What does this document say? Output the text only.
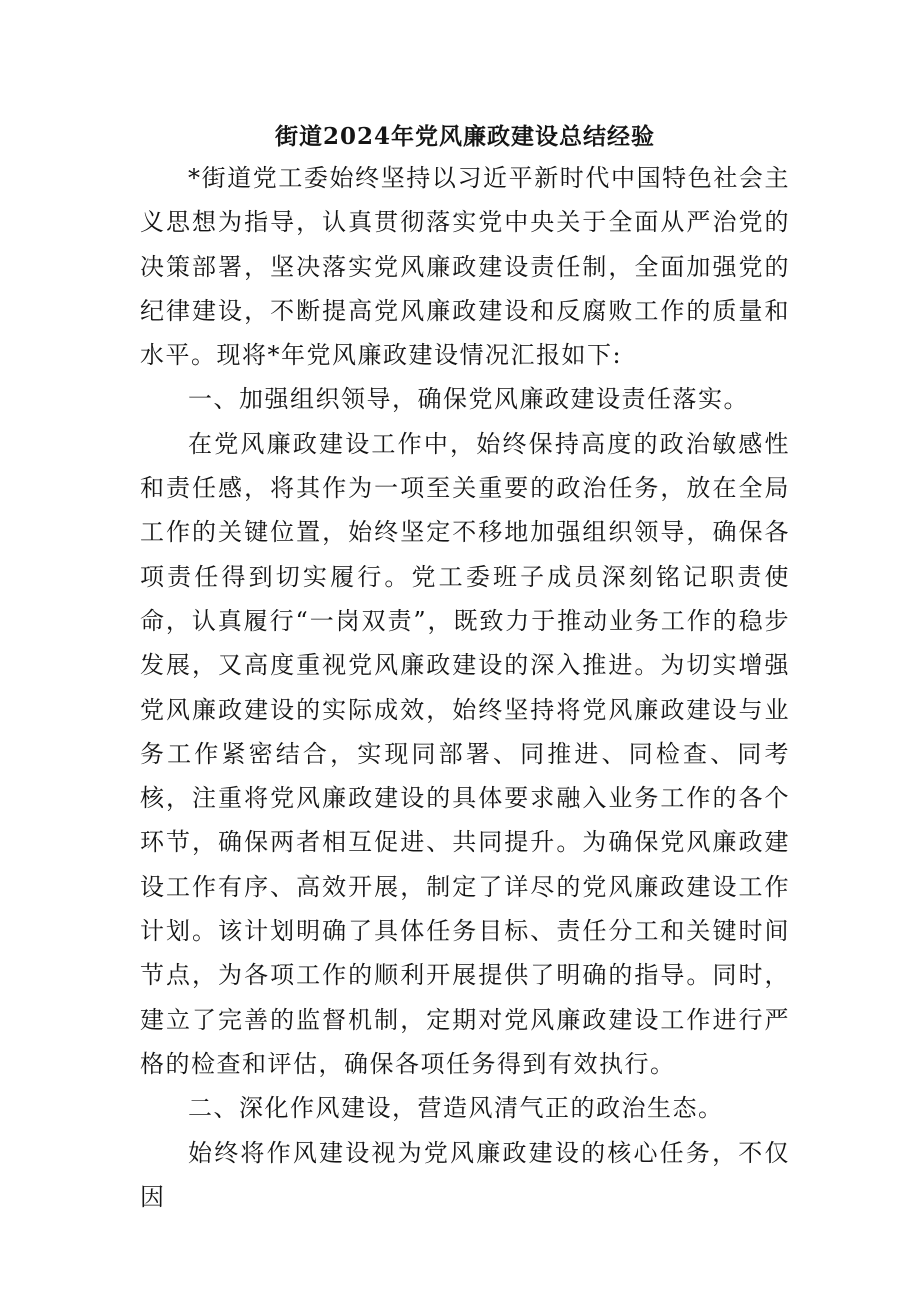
街道2024年党风廉政建设总结经验

*街道党工委始终坚持以习近平新时代中国特色社会主义思想为指导，认真贯彻落实党中央关于全面从严治党的决策部署，坚决落实党风廉政建设责任制，全面加强党的纪律建设，不断提高党风廉政建设和反腐败工作的质量和水平。现将*年党风廉政建设情况汇报如下:

一、加强组织领导，确保党风廉政建设责任落实。

在党风廉政建设工作中，始终保持高度的政治敏感性和责任感，将其作为一项至关重要的政治任务，放在全局工作的关键位置，始终坚定不移地加强组织领导，确保各项责任得到切实履行。党工委班子成员深刻铭记职责使命，认真履行“一岗双责”，既致力于推动业务工作的稳步发展，又高度重视党风廉政建设的深入推进。为切实增强党风廉政建设的实际成效，始终坚持将党风廉政建设与业务工作紧密结合，实现同部署、同推进、同检查、同考核，注重将党风廉政建设的具体要求融入业务工作的各个环节，确保两者相互促进、共同提升。为确保党风廉政建设工作有序、高效开展，制定了详尽的党风廉政建设工作计划。该计划明确了具体任务目标、责任分工和关键时间节点，为各项工作的顺利开展提供了明确的指导。同时，建立了完善的监督机制，定期对党风廉政建设工作进行严格的检查和评估，确保各项任务得到有效执行。

二、深化作风建设，营造风清气正的政治生态。

始终将作风建设视为党风廉政建设的核心任务，不仅因
